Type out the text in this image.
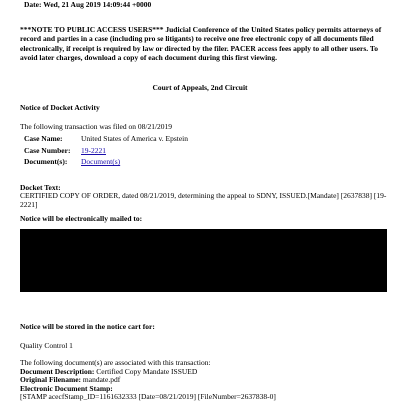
Date: Wed, 21 Aug 2019 14:09:44 +0000
***NOTE TO PUBLIC ACCESS USERS*** Judicial Conference of the United States policy permits attorneys of record and parties in a case (including pro se litigants) to receive one free electronic copy of all documents filed electronically, if receipt is required by law or directed by the filer. PACER access fees apply to all other users. To avoid later charges, download a copy of each document during this first viewing.
Court of Appeals, 2nd Circuit
Notice of Docket Activity
The following transaction was filed on 08/21/2019
Case Name:	United States of America v. Epstein
Case Number:	19-2221
Document(s):	Document(s)
Docket Text:
CERTIFIED COPY OF ORDER, dated 08/21/2019, determining the appeal to SDNY, ISSUED.[Mandate] [2637838] [19-2221]
Notice will be electronically mailed to:
Notice will be stored in the notice cart for:
Quality Control 1
The following document(s) are associated with this transaction:
Document Description: Certified Copy Mandate ISSUED
Original Filename: mandate.pdf
Electronic Document Stamp:
[STAMP acecfStamp_ID=1161632333 [Date=08/21/2019] [FileNumber=2637838-0]
